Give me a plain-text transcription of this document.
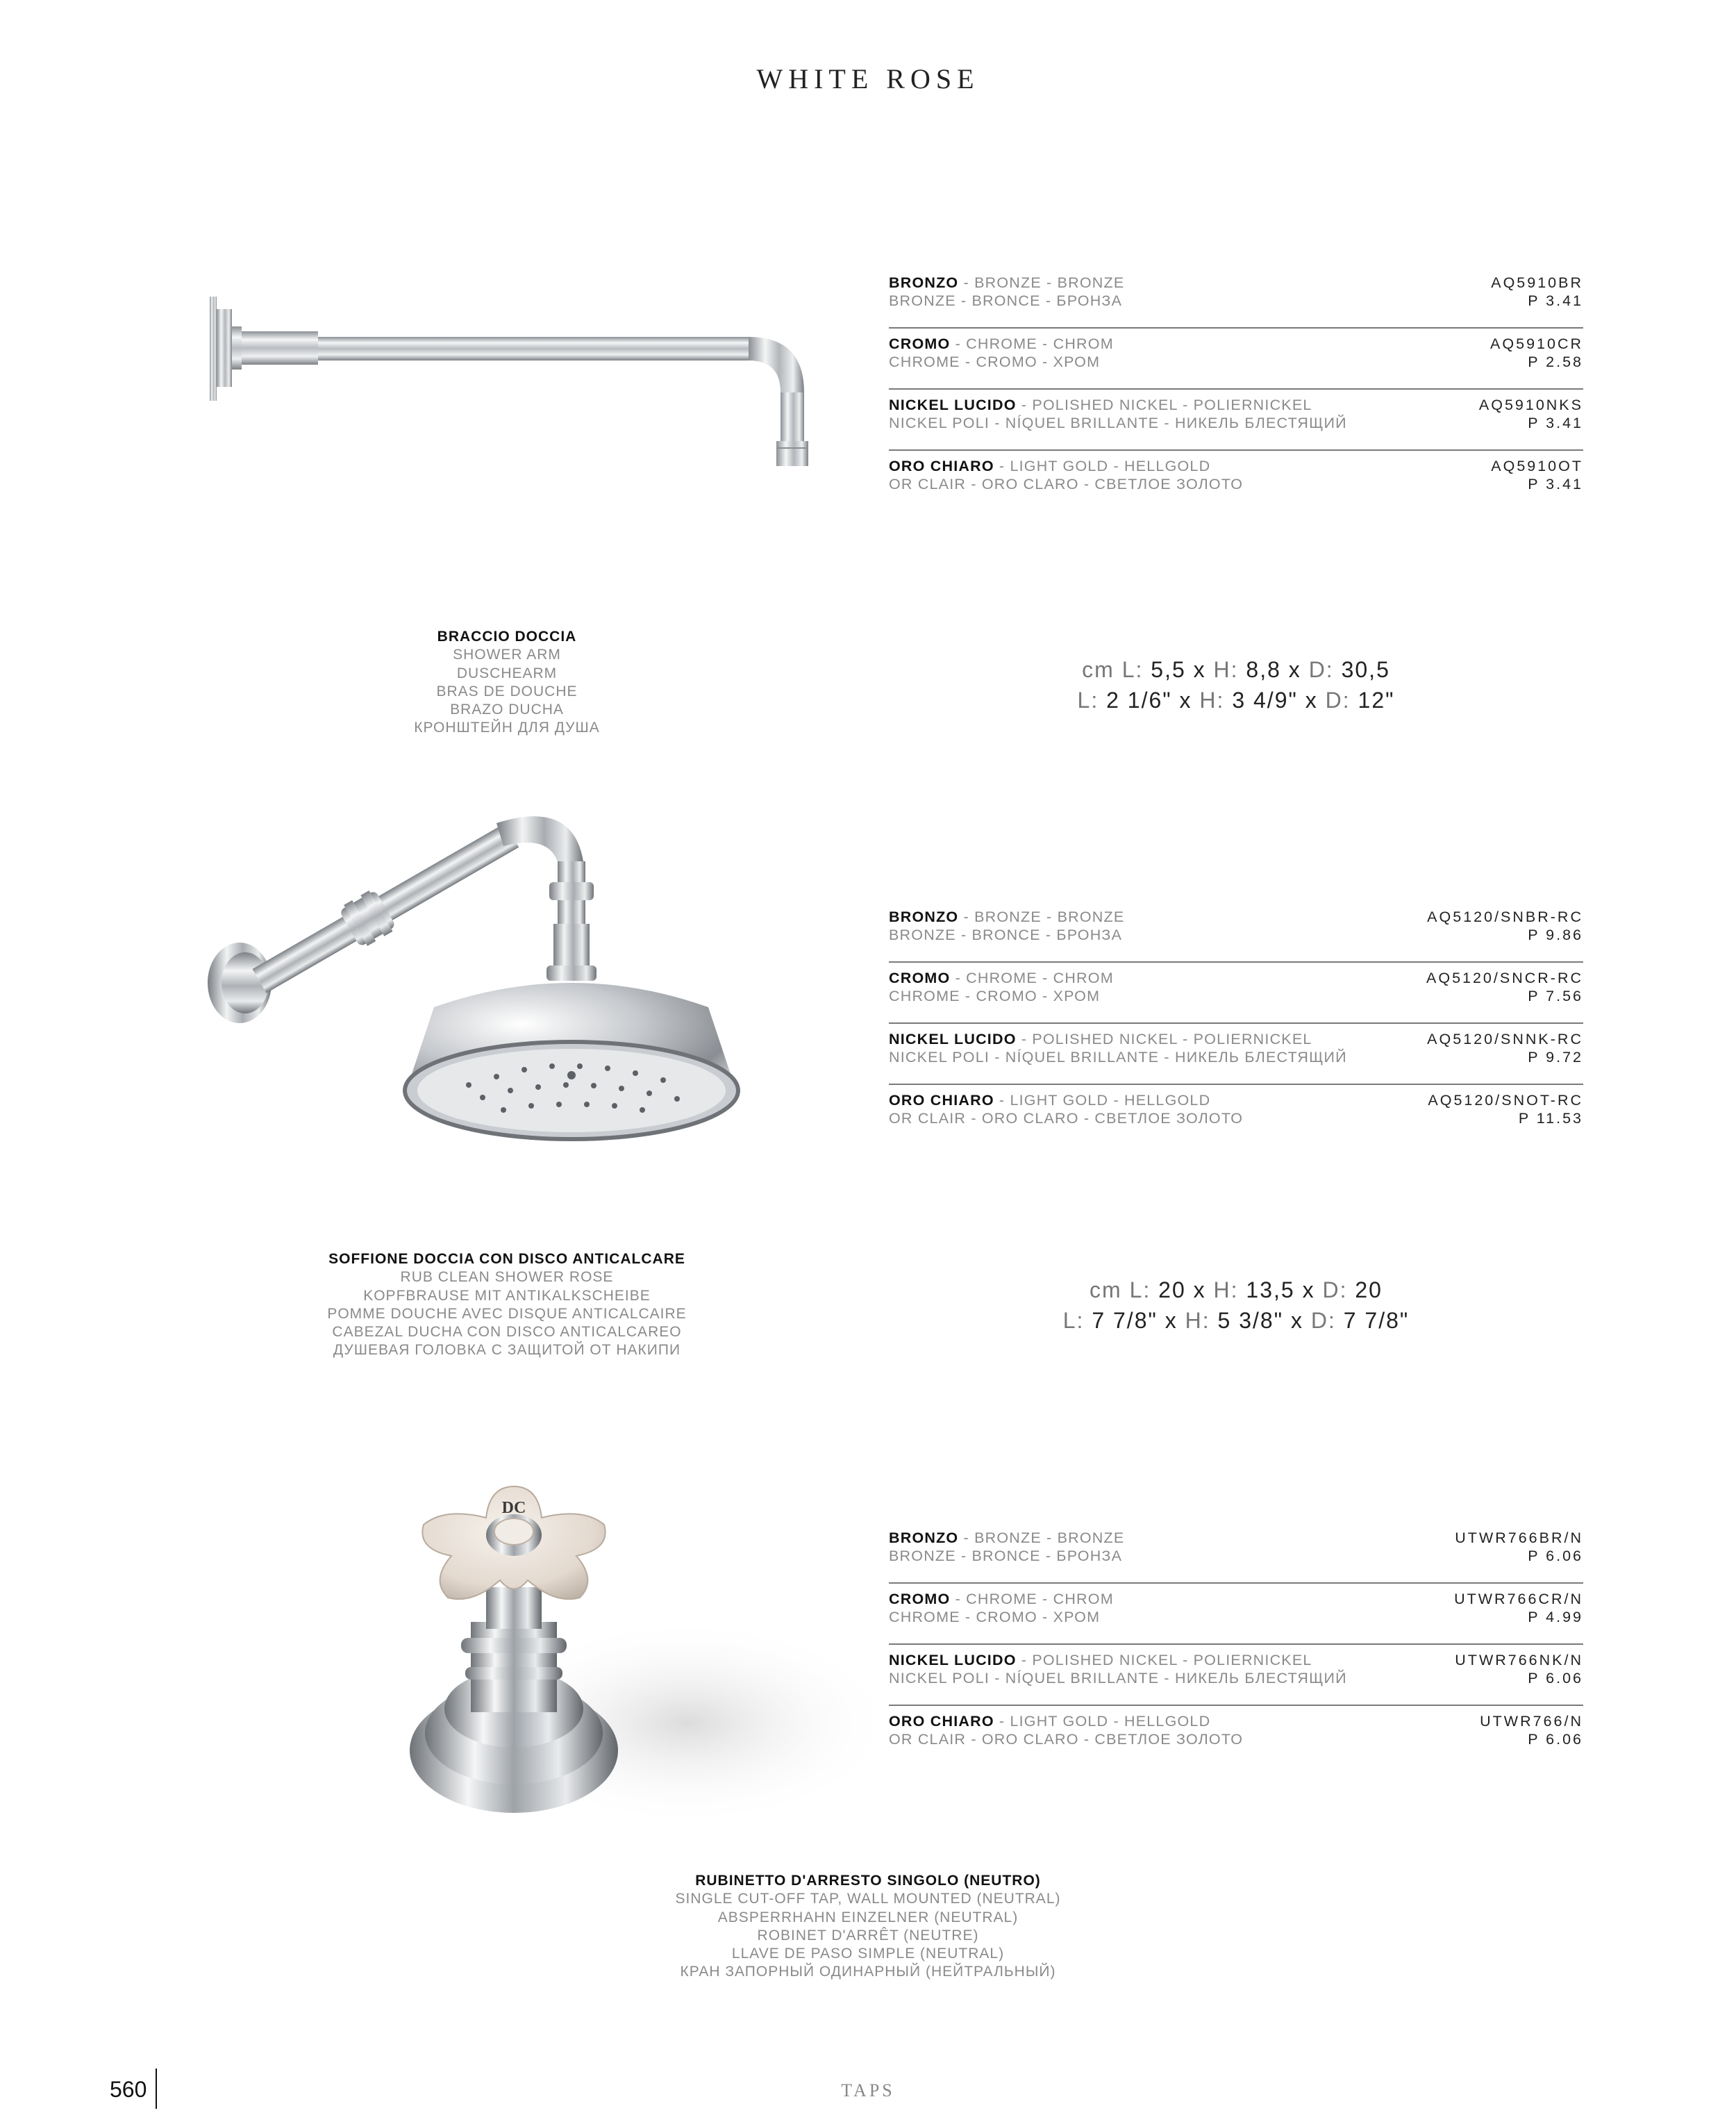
WHITE ROSE
BRONZO - BRONZE - BRONZE
BRONZE - BRONCE - БРОНЗА
AQ5910BR
P 3.41
CROMO - CHROME - CHROM
CHROME - CROMO - ХРОМ
AQ5910CR
P 2.58
NICKEL LUCIDO - POLISHED NICKEL - POLIERNICKEL
NICKEL POLI - NÍQUEL BRILLANTE - НИКЕЛЬ БЛЕСТЯЩИЙ
AQ5910NKS
P 3.41
ORO CHIARO - LIGHT GOLD - HELLGOLD
OR CLAIR - ORO CLARO - СВЕТЛОЕ ЗОЛОТО
AQ5910OT
P 3.41
BRACCIO DOCCIA
SHOWER ARM
DUSCHEARM
BRAS DE DOUCHE
BRAZO DUCHA
КРОНШТЕЙН ДЛЯ ДУША
cm L: 5,5 x H: 8,8 x D: 30,5
L: 2 1/6" x H: 3 4/9" x D: 12"
BRONZO - BRONZE - BRONZE
BRONZE - BRONCE - БРОНЗА
AQ5120/SNBR-RC
P 9.86
CROMO - CHROME - CHROM
CHROME - CROMO - ХРОМ
AQ5120/SNCR-RC
P 7.56
NICKEL LUCIDO - POLISHED NICKEL - POLIERNICKEL
NICKEL POLI - NÍQUEL BRILLANTE - НИКЕЛЬ БЛЕСТЯЩИЙ
AQ5120/SNNK-RC
P 9.72
ORO CHIARO - LIGHT GOLD - HELLGOLD
OR CLAIR - ORO CLARO - СВЕТЛОЕ ЗОЛОТО
AQ5120/SNOT-RC
P 11.53
SOFFIONE DOCCIA CON DISCO ANTICALCARE
RUB CLEAN SHOWER ROSE
KOPFBRAUSE MIT ANTIKALKSCHEIBE
POMME DOUCHE AVEC DISQUE ANTICALCAIRE
CABEZAL DUCHA CON DISCO ANTICALCAREO
ДУШЕВАЯ ГОЛОВКА С ЗАЩИТОЙ ОТ НАКИПИ
cm L: 20 x H: 13,5 x D: 20
L: 7 7/8" x H: 5 3/8" x D: 7 7/8"
DC
BRONZO - BRONZE - BRONZE
BRONZE - BRONCE - БРОНЗА
UTWR766BR/N
P 6.06
CROMO - CHROME - CHROM
CHROME - CROMO - ХРОМ
UTWR766CR/N
P 4.99
NICKEL LUCIDO - POLISHED NICKEL - POLIERNICKEL
NICKEL POLI - NÍQUEL BRILLANTE - НИКЕЛЬ БЛЕСТЯЩИЙ
UTWR766NK/N
P 6.06
ORO CHIARO - LIGHT GOLD - HELLGOLD
OR CLAIR - ORO CLARO - СВЕТЛОЕ ЗОЛОТО
UTWR766/N
P 6.06
RUBINETTO D'ARRESTO SINGOLO (NEUTRO)
SINGLE CUT-OFF TAP, WALL MOUNTED (NEUTRAL)
ABSPERRHAHN EINZELNER (NEUTRAL)
ROBINET D'ARRÊT (NEUTRE)
LLAVE DE PASO SIMPLE (NEUTRAL)
КРАН ЗАПОРНЫЙ ОДИНАРНЫЙ (НЕЙТРАЛЬНЫЙ)
560	TAPS
